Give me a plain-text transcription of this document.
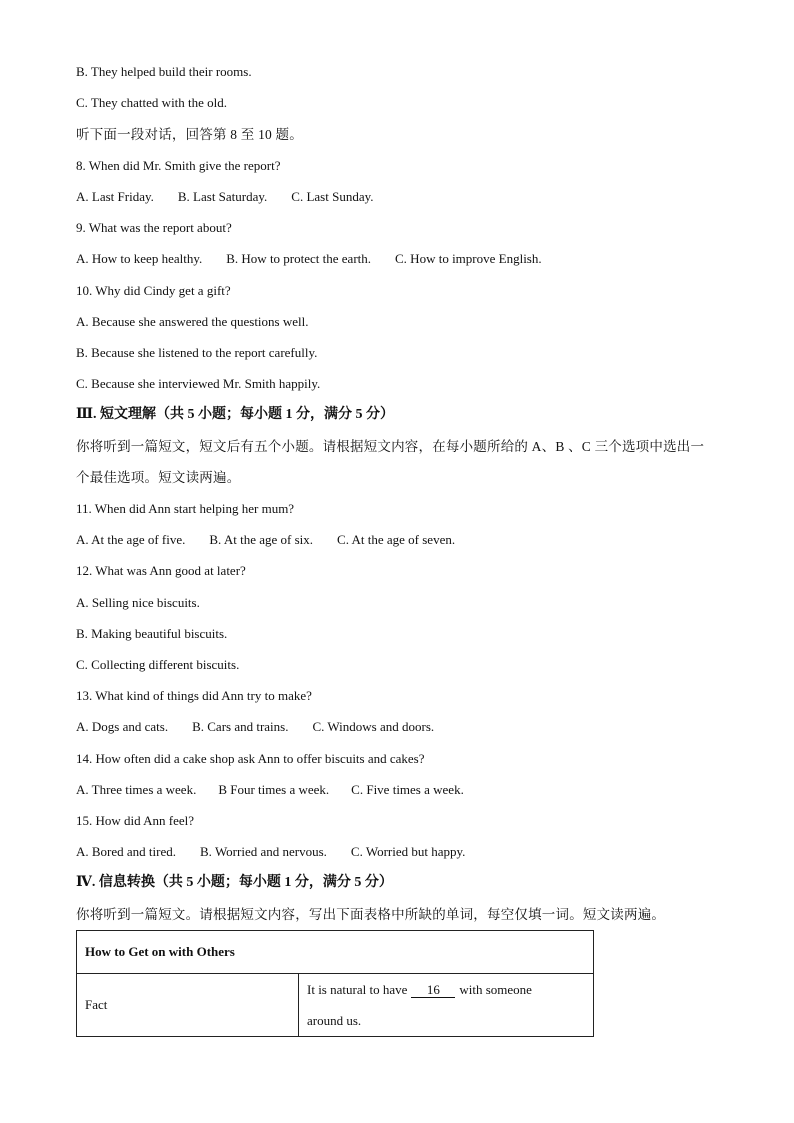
B. They helped build their rooms.
C. They chatted with the old.
听下面一段对话，回答第 8 至 10 题。
8. When did Mr. Smith give the report?
A. Last Friday. B. Last Saturday. C. Last Sunday.
9. What was the report about?
A. How to keep healthy. B. How to protect the earth. C. How to improve English.
10. Why did Cindy get a gift?
A. Because she answered the questions well.
B. Because she listened to the report carefully.
C. Because she interviewed Mr. Smith happily.
Ⅲ. 短文理解（共 5 小题；每小题 1 分，满分 5 分）
你将听到一篇短文，短文后有五个小题。请根据短文内容，在每小题所给的 A、B 、C 三个选项中选出一
个最佳选项。短文读两遍。
11. When did Ann start helping her mum?
A. At the age of five. B. At the age of six. C. At the age of seven.
12. What was Ann good at later?
A. Selling nice biscuits.
B. Making beautiful biscuits.
C. Collecting different biscuits.
13. What kind of things did Ann try to make?
A. Dogs and cats. B. Cars and trains. C. Windows and doors.
14. How often did a cake shop ask Ann to offer biscuits and cakes?
A. Three times a week. B Four times a week. C. Five times a week.
15. How did Ann feel?
A. Bored and tired. B. Worried and nervous. C. Worried but happy.
Ⅳ. 信息转换（共 5 小题；每小题 1 分，满分 5 分）
你将听到一篇短文。请根据短文内容，写出下面表格中所缺的单词，每空仅填一词。短文读两遍。
How to Get on with Others
Fact	It is natural to have 16 with someone
around us.
